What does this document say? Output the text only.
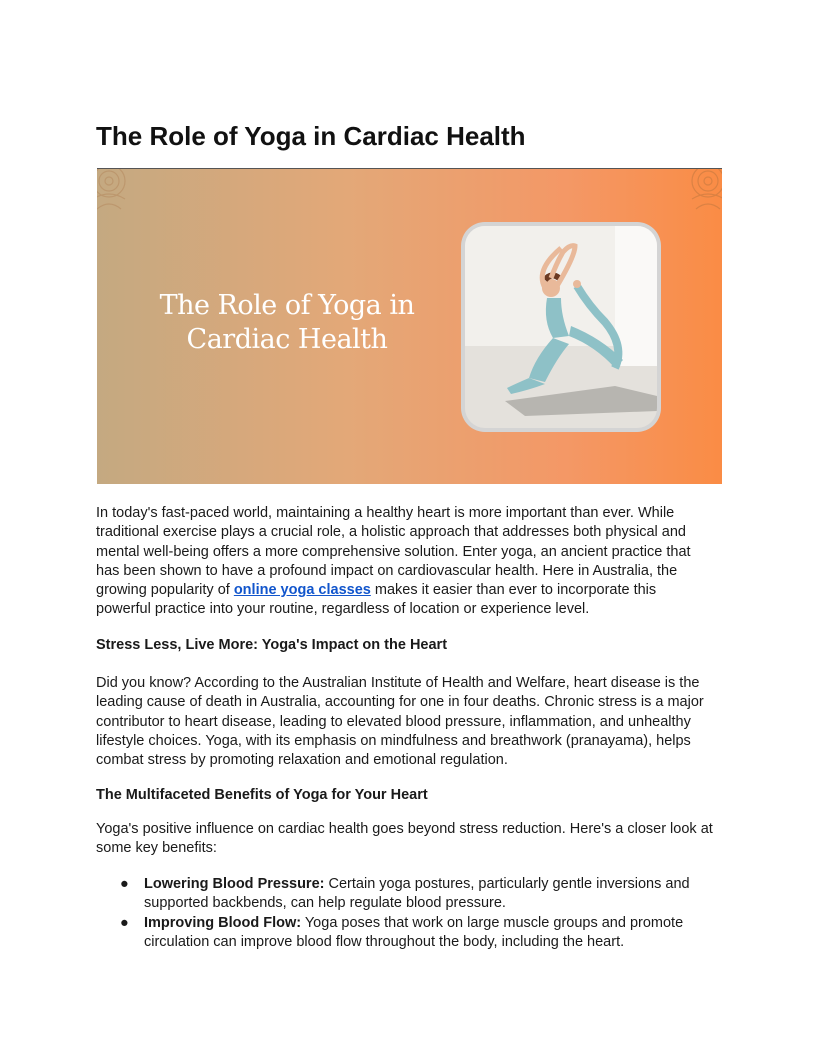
The Role of Yoga in Cardiac Health
The Role of Yoga in
Cardiac Health
In today's fast-paced world, maintaining a healthy heart is more important than ever. While
traditional exercise plays a crucial role, a holistic approach that addresses both physical and
mental well-being offers a more comprehensive solution. Enter yoga, an ancient practice that
has been shown to have a profound impact on cardiovascular health. Here in Australia, the
growing popularity of online yoga classes makes it easier than ever to incorporate this
powerful practice into your routine, regardless of location or experience level.
Stress Less, Live More: Yoga's Impact on the Heart
Did you know? According to the Australian Institute of Health and Welfare, heart disease is the
leading cause of death in Australia, accounting for one in four deaths. Chronic stress is a major
contributor to heart disease, leading to elevated blood pressure, inflammation, and unhealthy
lifestyle choices. Yoga, with its emphasis on mindfulness and breathwork (pranayama), helps
combat stress by promoting relaxation and emotional regulation.
The Multifaceted Benefits of Yoga for Your Heart
Yoga's positive influence on cardiac health goes beyond stress reduction. Here's a closer look at
some key benefits:
● Lowering Blood Pressure: Certain yoga postures, particularly gentle inversions and
supported backbends, can help regulate blood pressure.
● Improving Blood Flow: Yoga poses that work on large muscle groups and promote
circulation can improve blood flow throughout the body, including the heart.
